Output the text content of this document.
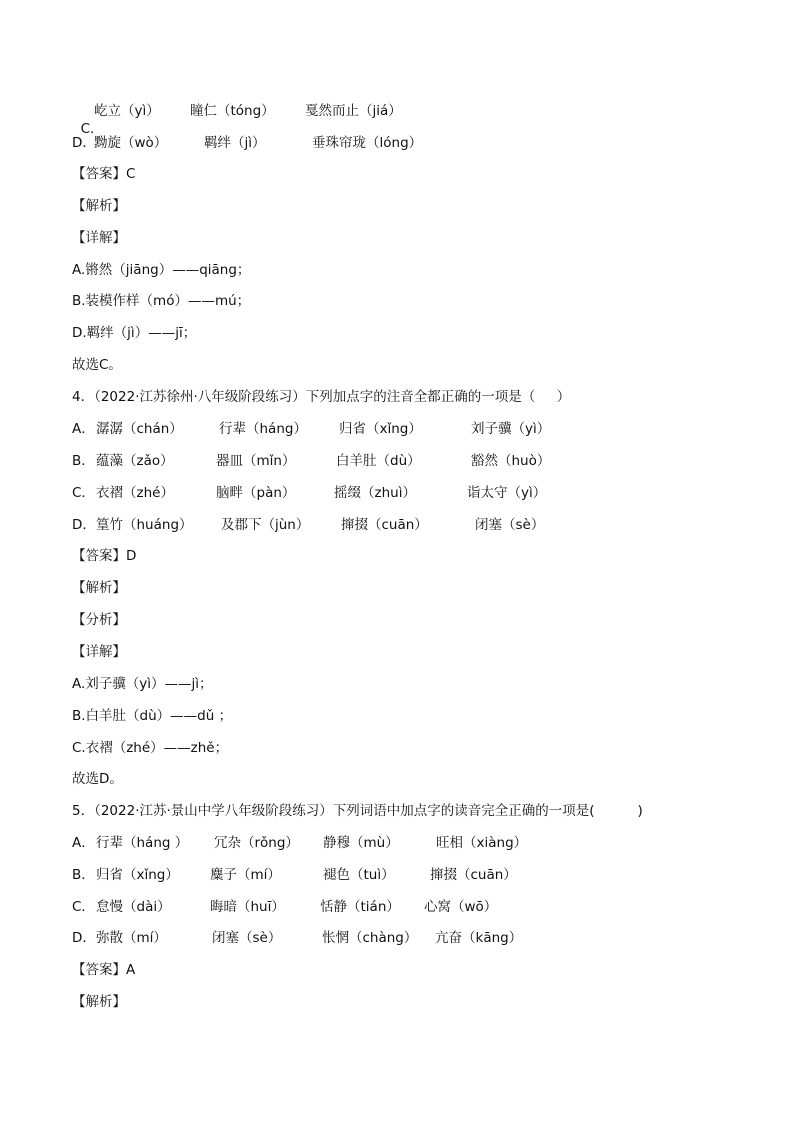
C．

屹立（yì） 瞳仁（tóng） 戛然而止（jiá）
D．
黝旋（wò）	羁绊（jì）	垂珠帘珑（lóng）
【答案】C
【解析】
【详解】
A.锵然（jiāng）——qiāng；
B.装模作样（mó）——mú；
D.羁绊（jì）——jī；
故选C。
4．（2022·江苏徐州·八年级阶段练习）下列加点字的注音全都正确的一项是（     ）
A． 潺潺（chán）	行辈（háng） 归省（xǐng）	刘子骥（yì）
B． 蕴藻（zǎo）	器皿（mǐn）	白羊肚（dù）	豁然（huò）
C． 衣褶（zhé）	脑畔（pàn）	摇缀（zhuì）	诣太守（yì）
D． 篁竹（huáng） 及郡下（jùn） 撺掇（cuān）	闭塞（sè）
【答案】D
【解析】
【分析】
【详解】
A.刘子骥（yì）——jì；
B.白羊肚（dù）——dǔ ；
C.衣褶（zhé）——zhě；
故选D。
5．（2022·江苏·景山中学八年级阶段练习）下列词语中加点字的读音完全正确的一项是(          )
A． 行辈（háng ） 冗杂（rǒng） 静穆（mù）	旺相（xiàng）
B． 归省（xǐng） 麋子（mí）	褪色（tuì）	撺掇（cuān）
C． 怠慢（dài）	晦暗（huī）	恬静（tián） 心窝（wō）
D． 弥散（mí）	闭塞（sè）	怅惘（chàng） 亢奋（kāng）
【答案】A
【解析】
